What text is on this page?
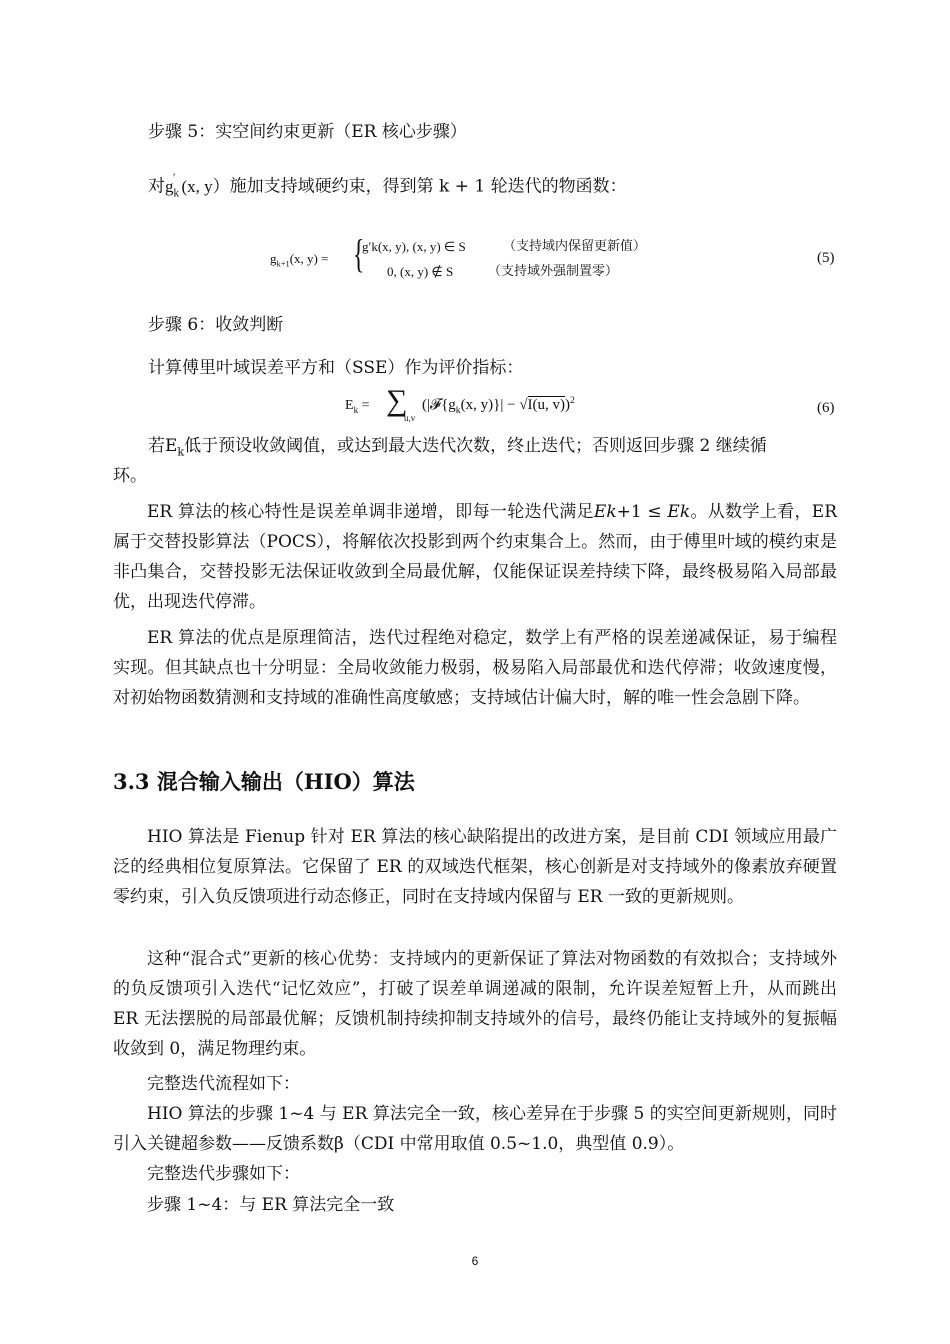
步骤 5：实空间约束更新（ER 核心步骤）
对$g_k'$ (x, y）施加支持域硬约束，得到第 k + 1 轮迭代的物函数：
$g_{k+1}(x$, y) = {
g′k(x, y), (x, y) ∈ S	（支持域内保留更新值）
0, (x, y) ∉ S	（支持域外强制置零）
(5)
步骤 6：收敛判断
计算傅里叶域误差平方和（SSE）作为评价指标：
$E_k$ = ∑
u,v
($|𝓕\{g_k(x$, y)}| − √I(u, v))$^2$	(6)
若$E_k$低于预设收敛阈值，或达到最大迭代次数，终止迭代；否则返回步骤 2 继续循
环。
ER 算法的核心特性是误差单调非递增，即每一轮迭代满足𝐸𝑘+1 ≤ 𝐸𝑘。从数学上看，ER 属于交替投影算法（POCS），将解依次投影到两个约束集合上。然而，由于傅里叶域的模约束是非凸集合，交替投影无法保证收敛到全局最优解，仅能保证误差持续下降，最终极易陷入局部最优，出现迭代停滞。
ER 算法的优点是原理简洁，迭代过程绝对稳定，数学上有严格的误差递减保证，易于编程实现。但其缺点也十分明显：全局收敛能力极弱，极易陷入局部最优和迭代停滞；收敛速度慢，对初始物函数猜测和支持域的准确性高度敏感；支持域估计偏大时，解的唯一性会急剧下降。
3.3 混合输入输出（HIO）算法
HIO 算法是 Fienup 针对 ER 算法的核心缺陷提出的改进方案，是目前 CDI 领域应用最广泛的经典相位复原算法。它保留了 ER 的双域迭代框架，核心创新是对支持域外的像素放弃硬置零约束，引入负反馈项进行动态修正，同时在支持域内保留与 ER 一致的更新规则。
这种“混合式”更新的核心优势：支持域内的更新保证了算法对物函数的有效拟合；支持域外的负反馈项引入迭代“记忆效应”，打破了误差单调递减的限制，允许误差短暂上升，从而跳出 ER 无法摆脱的局部最优解；反馈机制持续抑制支持域外的信号，最终仍能让支持域外的复振幅收敛到 0，满足物理约束。
完整迭代流程如下：
HIO 算法的步骤 1~4 与 ER 算法完全一致，核心差异在于步骤 5 的实空间更新规则，同时引入关键超参数——反馈系数β（CDI 中常用取值 0.5~1.0，典型值 0.9）。
完整迭代步骤如下：
步骤 1~4：与 ER 算法完全一致
6
